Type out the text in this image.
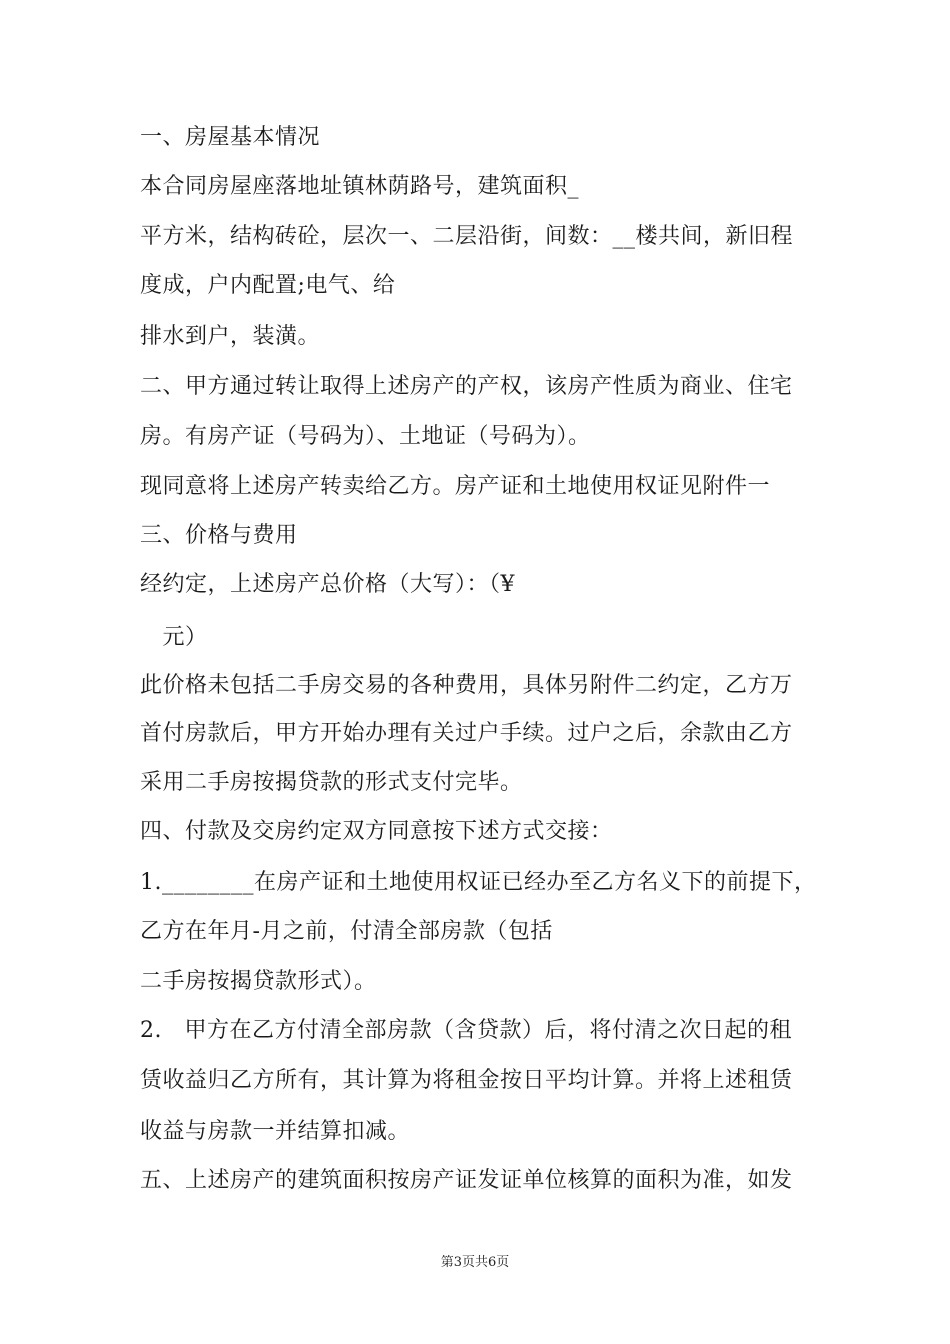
一、房屋基本情况
本合同房屋座落地址镇林荫路号，建筑面积_
平方米，结构砖砼，层次一、二层沿街，间数：__楼共间，新旧程
度成，户内配置;电气、给
排水到户，装潢。
二、甲方通过转让取得上述房产的产权，该房产性质为商业、住宅
房。有房产证（号码为）、土地证（号码为）。
现同意将上述房产转卖给乙方。房产证和土地使用权证见附件一
三、价格与费用
经约定，上述房产总价格（大写）：（¥
　元）
此价格未包括二手房交易的各种费用，具体另附件二约定，乙方万
首付房款后，甲方开始办理有关过户手续。过户之后，余款由乙方
采用二手房按揭贷款的形式支付完毕。
四、付款及交房约定双方同意按下述方式交接：
1.________在房产证和土地使用权证已经办至乙方名义下的前提下，
乙方在年月-月之前，付清全部房款（包括
二手房按揭贷款形式）。
2.　甲方在乙方付清全部房款（含贷款）后，将付清之次日起的租
赁收益归乙方所有，其计算为将租金按日平均计算。并将上述租赁
收益与房款一并结算扣减。
五、上述房产的建筑面积按房产证发证单位核算的面积为准，如发
第3页共6页
